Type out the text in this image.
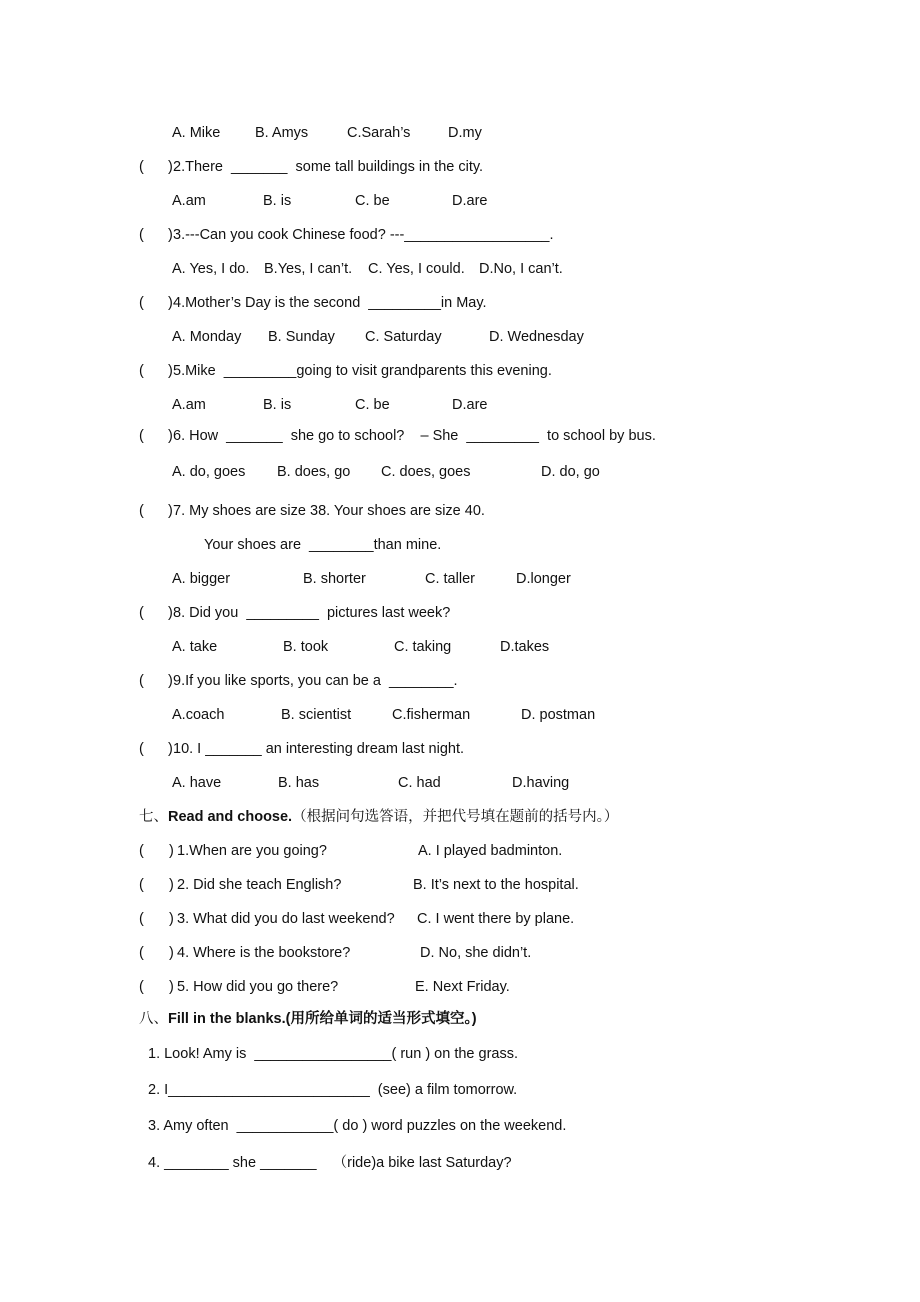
A. Mike B. Amys	C.Sarah’s	D.my
( ) 2.There  _______  some tall buildings in the city.
A.am	B. is	C. be	D.are
( ) 3.---Can you cook Chinese food? ---__________________.
A. Yes, I do. B.Yes, I can’t. C. Yes, I could. D.No, I can’t.
( ) 4.Mother’s Day is the second  _________in May.
A. Monday B. Sunday C. Saturday	D. Wednesday
( ) 5.Mike  _________going to visit grandparents this evening.
A.am	B. is	C. be	D.are
( ) 6. How  _______  she go to school?    – She  _________  to school by bus.
A. do, goes B. does, go C. does, goes	D. do, go
( ) 7. My shoes are size 38. Your shoes are size 40.
Your shoes are  ________than mine.
A. bigger	B. shorter	C. taller	D.longer
( ) 8. Did you  _________  pictures last week?
A. take	B. took	C. taking	D.takes
( ) 9.If you like sports, you can be a  ________.
A.coach	B. scientist	C.fisherman	D. postman
( ) 10. I _______ an interesting dream last night.
A. have	B. has	C. had	D.having
七、Read and choose.（根据问句选答语，并把代号填在题前的括号内。）
( ) 1.When are you going?	A. I played badminton.
( ) 2. Did she teach English?	B. It’s next to the hospital.
( ) 3. What did you do last weekend? C. I went there by plane.
( ) 4. Where is the bookstore?	D. No, she didn’t.
( ) 5. How did you go there?	E. Next Friday.
八、Fill in the blanks.(用所给单词的适当形式填空。)
1. Look! Amy is  _________________( run ) on the grass.
2. I_________________________  (see) a film tomorrow.
3. Amy often  ____________( do ) word puzzles on the weekend.
4. ________ she _______    （ride)a bike last Saturday?
